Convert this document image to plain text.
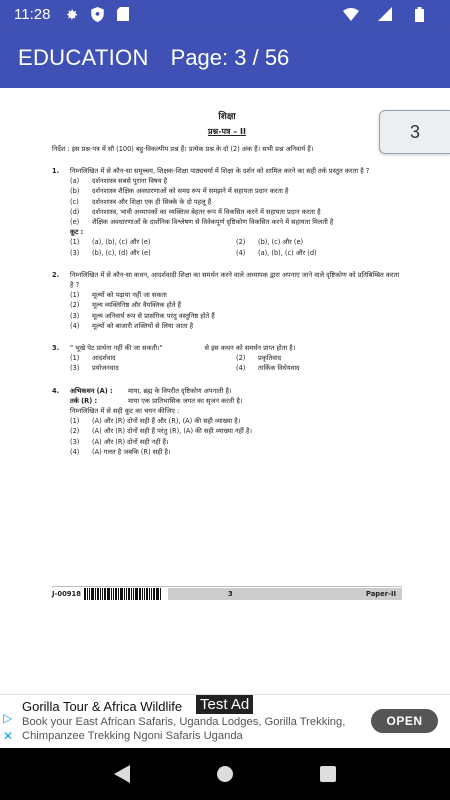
11:28
EDUCATION Page: 3 / 56
शिक्षा
प्रश्न-पत्र – II
निर्देश : इस प्रश्न-पत्र में सौ (100) बहु-विकल्पीय प्रश्न हैं। प्रत्येक प्रश्न के दो (2) अंक हैं। सभी प्रश्न अनिवार्य हैं।
1.	निम्नलिखित में से कौन-सा समुच्चय, शिक्षक-शिक्षा पाठ्यचर्या में शिक्षा के दर्शन को शामिल करने का सही तर्क प्रस्तुत करता है ?
(a)	दर्शनशास्त्र सबसे पुराना विषय है
(b)	दर्शनशास्त्र शैक्षिक अवधारणाओं को समग्र रूप में समझने में सहायता प्रदान करता है
(c)	दर्शनशास्त्र और शिक्षा एक ही सिक्के के दो पहलू हैं
(d)	दर्शनशास्त्र, भावी अध्यापकों का व्यक्तित्व बेहतर रूप में विकसित करने में सहायता प्रदान करता है
(e)	शैक्षिक अवधारणाओं के दार्शनिक विश्लेषण से विवेकपूर्ण दृष्टिकोण विकसित करने में सहायता मिलती है
कूट :
(1)	(a), (b), (c) और (e)	(2)	(b), (c) और (e)
(3)	(b), (c), (d) और (e)	(4)	(a), (b), (c) और (d)
2.	निम्नलिखित में से कौन-सा कथन, आदर्शवादी शिक्षा का समर्थन करने वाले अध्यापक द्वारा अपनाए जाने वाले दृष्टिकोण को प्रतिबिम्बित करता है ?
(1)	मूल्यों को पढ़ाया नहीं जा सकता
(2)	मूल्य व्यक्तिनिष्ठ और वैयक्तिक होते हैं
(3)	मूल्य अनिवार्य रूप से प्रासंगिक परंतु वस्तुनिष्ठ होते हैं
(4)	मूल्यों को बाजारी शक्तियों से लिया जाता है
3.	" भूखे पेट प्रार्थना नहीं की जा सकती।"                    से इस कथन को समर्थन प्राप्त होता है।
(1)	आदर्शवाद	(2)	प्रकृतिवाद
(3)	प्रयोजनवाद	(4)	तार्किक विधेयवाद
4.	अभिकथन (A) :	माया, ब्रह्म के विपरीत दृष्टिकोण अपनाती है।
तर्क (R) :	माया एक प्रातिभासिक जगत का सृजन करती है।
निम्नलिखित में से सही कूट का चयन कीजिए :
(1)	(A) और (R) दोनों सही हैं और (R), (A) की सही व्याख्या है।
(2)	(A) और (R) दोनों सही हैं परंतु (R), (A) की सही व्याख्या नहीं है।
(3)	(A) और (R) दोनों सही नहीं हैं।
(4)	(A) गलत है जबकि (R) सही है।
J-00918	3	Paper-II
3
▷
✕
Gorilla Tour & Africa Wildlife Test Ad
Book your East African Safaris, Uganda Lodges, Gorilla Trekking, Chimpanzee Trekking Ngoni Safaris Uganda
OPEN
